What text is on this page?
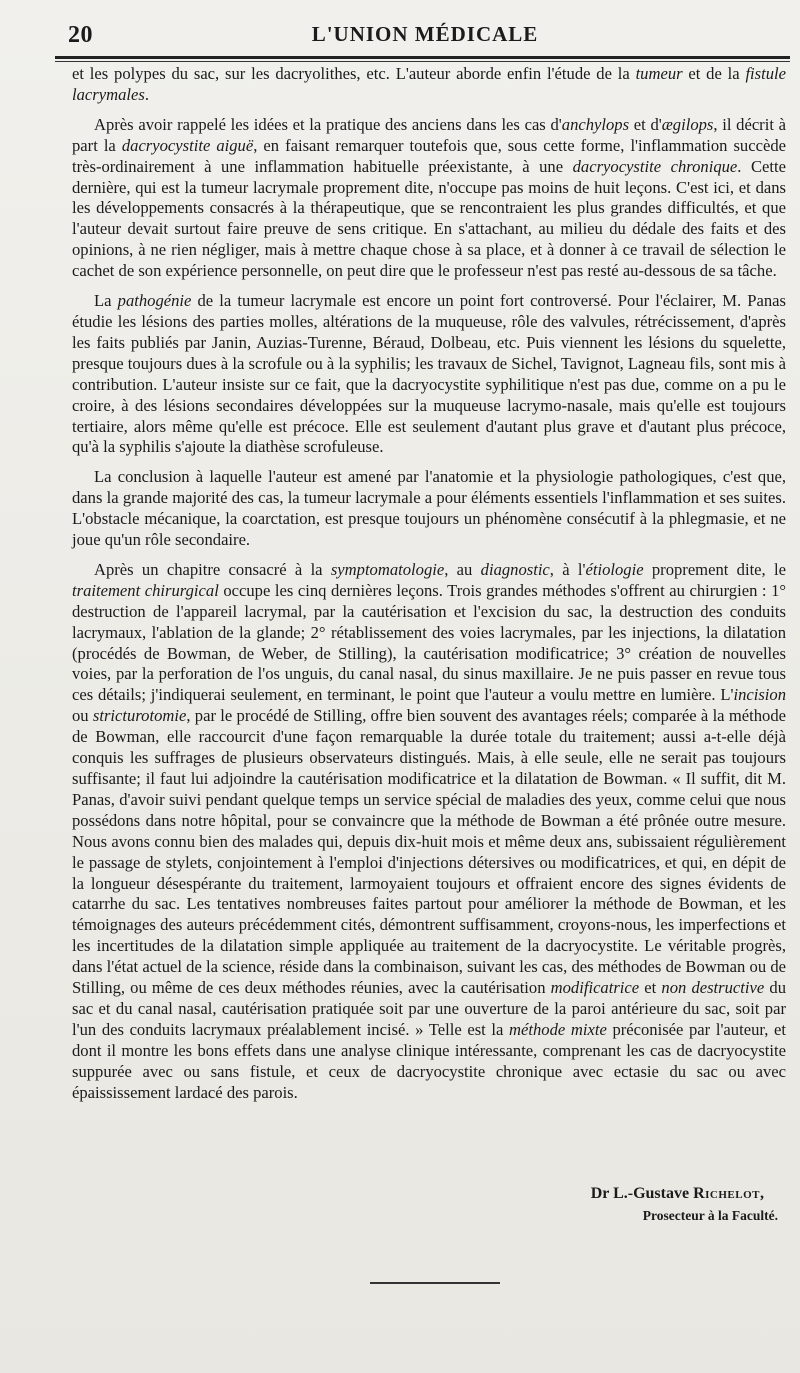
20	L'UNION MÉDICALE

et les polypes du sac, sur les dacryolithes, etc. L'auteur aborde enfin l'étude de la tumeur et de la fistule lacrymales.

Après avoir rappelé les idées et la pratique des anciens dans les cas d'anchylops et d'ægilops, il décrit à part la dacryocystite aiguë, en faisant remarquer toutefois que, sous cette forme, l'inflammation succède très-ordinairement à une inflammation habituelle préexistante, à une dacryocystite chronique. Cette dernière, qui est la tumeur lacrymale proprement dite, n'occupe pas moins de huit leçons. C'est ici, et dans les développements consacrés à la thérapeutique, que se rencontraient les plus grandes difficultés, et que l'auteur devait surtout faire preuve de sens critique. En s'attachant, au milieu du dédale des faits et des opinions, à ne rien négliger, mais à mettre chaque chose à sa place, et à donner à ce travail de sélection le cachet de son expérience personnelle, on peut dire que le professeur n'est pas resté au-dessous de sa tâche.

La pathogénie de la tumeur lacrymale est encore un point fort controversé. Pour l'éclairer, M. Panas étudie les lésions des parties molles, altérations de la muqueuse, rôle des valvules, rétrécissement, d'après les faits publiés par Janin, Auzias-Turenne, Béraud, Dolbeau, etc. Puis viennent les lésions du squelette, presque toujours dues à la scrofule ou à la syphilis; les travaux de Sichel, Tavignot, Lagneau fils, sont mis à contribution. L'auteur insiste sur ce fait, que la dacryocystite syphilitique n'est pas due, comme on a pu le croire, à des lésions secondaires développées sur la muqueuse lacrymo-nasale, mais qu'elle est toujours tertiaire, alors même qu'elle est précoce. Elle est seulement d'autant plus grave et d'autant plus précoce, qu'à la syphilis s'ajoute la diathèse scrofuleuse.

La conclusion à laquelle l'auteur est amené par l'anatomie et la physiologie pathologiques, c'est que, dans la grande majorité des cas, la tumeur lacrymale a pour éléments essentiels l'inflammation et ses suites. L'obstacle mécanique, la coarctation, est presque toujours un phénomène consécutif à la phlegmasie, et ne joue qu'un rôle secondaire.

Après un chapitre consacré à la symptomatologie, au diagnostic, à l'étiologie proprement dite, le traitement chirurgical occupe les cinq dernières leçons. Trois grandes méthodes s'offrent au chirurgien : 1° destruction de l'appareil lacrymal, par la cautérisation et l'excision du sac, la destruction des conduits lacrymaux, l'ablation de la glande; 2° rétablissement des voies lacrymales, par les injections, la dilatation (procédés de Bowman, de Weber, de Stilling), la cautérisation modificatrice; 3° création de nouvelles voies, par la perforation de l'os unguis, du canal nasal, du sinus maxillaire. Je ne puis passer en revue tous ces détails; j'indiquerai seulement, en terminant, le point que l'auteur a voulu mettre en lumière. L'incision ou stricturotomie, par le procédé de Stilling, offre bien souvent des avantages réels; comparée à la méthode de Bowman, elle raccourcit d'une façon remarquable la durée totale du traitement; aussi a-t-elle déjà conquis les suffrages de plusieurs observateurs distingués. Mais, à elle seule, elle ne serait pas toujours suffisante; il faut lui adjoindre la cautérisation modificatrice et la dilatation de Bowman. « Il suffit, dit M. Panas, d'avoir suivi pendant quelque temps un service spécial de maladies des yeux, comme celui que nous possédons dans notre hôpital, pour se convaincre que la méthode de Bowman a été prônée outre mesure. Nous avons connu bien des malades qui, depuis dix-huit mois et même deux ans, subissaient régulièrement le passage de stylets, conjointement à l'emploi d'injections détersives ou modificatrices, et qui, en dépit de la longueur désespérante du traitement, larmoyaient toujours et offraient encore des signes évidents de catarrhe du sac. Les tentatives nombreuses faites partout pour améliorer la méthode de Bowman, et les témoignages des auteurs précédemment cités, démontrent suffisamment, croyons-nous, les imperfections et les incertitudes de la dilatation simple appliquée au traitement de la dacryocystite. Le véritable progrès, dans l'état actuel de la science, réside dans la combinaison, suivant les cas, des méthodes de Bowman ou de Stilling, ou même de ces deux méthodes réunies, avec la cautérisation modificatrice et non destructive du sac et du canal nasal, cautérisation pratiquée soit par une ouverture de la paroi antérieure du sac, soit par l'un des conduits lacrymaux préalablement incisé. » Telle est la méthode mixte préconisée par l'auteur, et dont il montre les bons effets dans une analyse clinique intéressante, comprenant les cas de dacryocystite suppurée avec ou sans fistule, et ceux de dacryocystite chronique avec ectasie du sac ou avec épaississement lardacé des parois.

Dr L.-Gustave Richelot,
Prosecteur à la Faculté.
